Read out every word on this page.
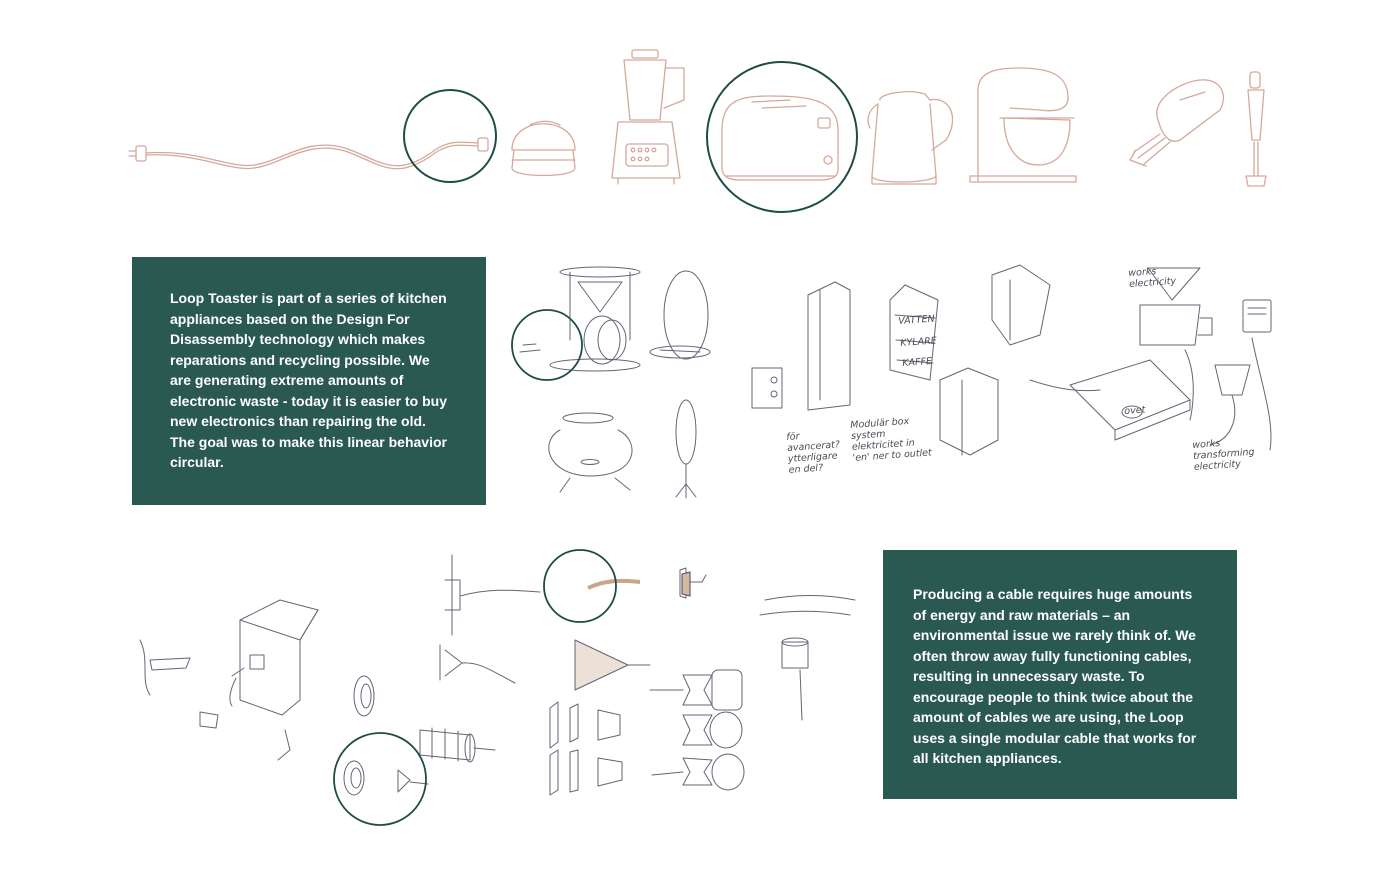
VATTEN
KYLARE
KAFFE
för avancerat? ytterligare en del?
Modulär box system elektricitet in 'en' ner to outlet
works transforming electricity
works electricity
ovet

Loop Toaster is part of a series of kitchen appliances based on the Design For Disassembly technology which makes reparations and recycling possible. We are generating extreme amounts of electronic waste - today it is easier to buy new electronics than repairing the old. The goal was to make this linear behavior circular.

Producing a cable requires huge amounts of energy and raw materials – an environmental issue we rarely think of. We often throw away fully functioning cables, resulting in unnecessary waste. To encourage people to think twice about the amount of cables we are using, the Loop uses a single modular cable that works for all kitchen appliances.
